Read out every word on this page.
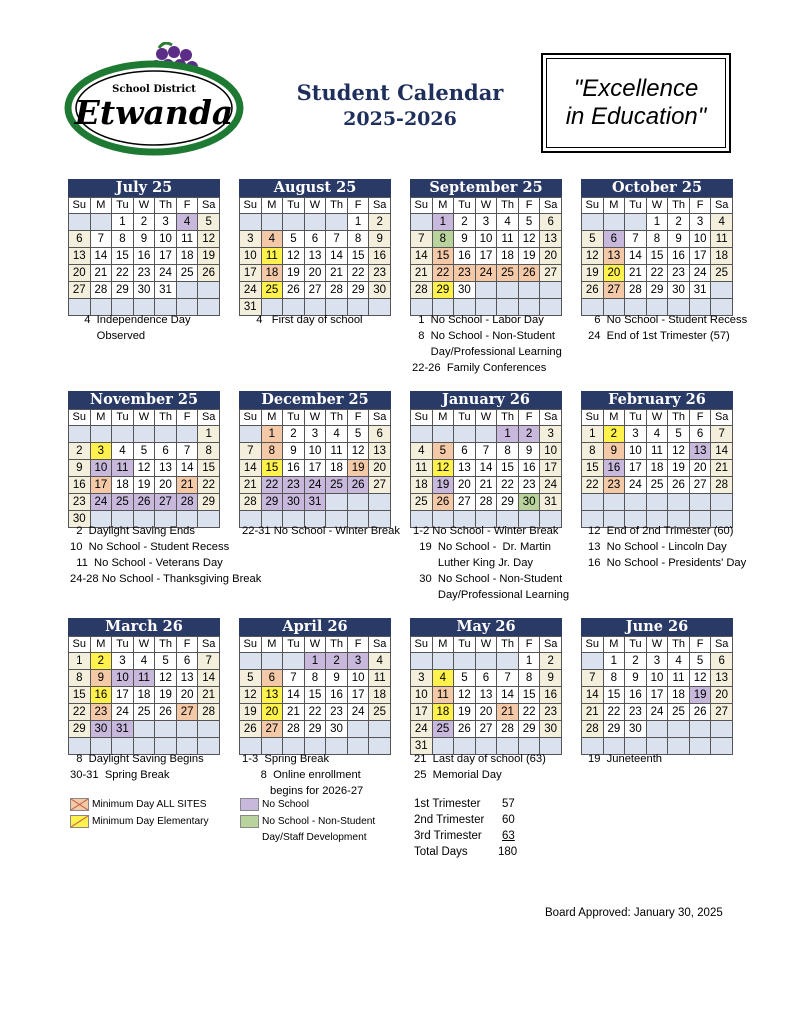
School District
Etwanda
Student Calendar
2025-2026
"Excellence
in Education"
July 25
Su	M	Tu	W	Th	F	Sa
		1	2	3	4	5
6	7	8	9	10	11	12
13	14	15	16	17	18	19
20	21	22	23	24	25	26
27	28	29	30	31		

August 25
Su	M	Tu	W	Th	F	Sa
					1	2
3	4	5	6	7	8	9
10	11	12	13	14	15	16
17	18	19	20	21	22	23
24	25	26	27	28	29	30
31						
September 25
Su	M	Tu	W	Th	F	Sa
	1	2	3	4	5	6
7	8	9	10	11	12	13
14	15	16	17	18	19	20
21	22	23	24	25	26	27
28	29	30				

October 25
Su	M	Tu	W	Th	F	Sa
			1	2	3	4
5	6	7	8	9	10	11
12	13	14	15	16	17	18
19	20	21	22	23	24	25
26	27	28	29	30	31	

November 25
Su	M	Tu	W	Th	F	Sa
						1
2	3	4	5	6	7	8
9	10	11	12	13	14	15
16	17	18	19	20	21	22
23	24	25	26	27	28	29
30						
December 25
Su	M	Tu	W	Th	F	Sa
	1	2	3	4	5	6
7	8	9	10	11	12	13
14	15	16	17	18	19	20
21	22	23	24	25	26	27
28	29	30	31			

January 26
Su	M	Tu	W	Th	F	Sa
				1	2	3
4	5	6	7	8	9	10
11	12	13	14	15	16	17
18	19	20	21	22	23	24
25	26	27	28	29	30	31

February 26
Su	M	Tu	W	Th	F	Sa
1	2	3	4	5	6	7
8	9	10	11	12	13	14
15	16	17	18	19	20	21
22	23	24	25	26	27	28

March 26
Su	M	Tu	W	Th	F	Sa
1	2	3	4	5	6	7
8	9	10	11	12	13	14
15	16	17	18	19	20	21
22	23	24	25	26	27	28
29	30	31				

April 26
Su	M	Tu	W	Th	F	Sa
			1	2	3	4
5	6	7	8	9	10	11
12	13	14	15	16	17	18
19	20	21	22	23	24	25
26	27	28	29	30		

May 26
Su	M	Tu	W	Th	F	Sa
					1	2
3	4	5	6	7	8	9
10	11	12	13	14	15	16
17	18	19	20	21	22	23
24	25	26	27	28	29	30
31						
June 26
Su	M	Tu	W	Th	F	Sa
	1	2	3	4	5	6
7	8	9	10	11	12	13
14	15	16	17	18	19	20
21	22	23	24	25	26	27
28	29	30				

4  Independence Day
Observed
4   First day of school	1  No School - Labor Day
8  No School - Non-Student
Day/Professional Learning
22-26  Family Conferences
6  No School - Student Recess
24  End of 1st Trimester (57)
2  Daylight Saving Ends
10  No School - Student Recess
11  No School - Veterans Day
24-28 No School - Thanksgiving Break
22-31 No School - Winter Break 1-2 No School - Winter Break
19  No School -  Dr. Martin
Luther King Jr. Day
30  No School - Non-Student
Day/Professional Learning
12  End of 2nd Trimester (60)
13  No School - Lincoln Day
16  No School - Presidents' Day
8  Daylight Saving Begins
30-31  Spring Break
1-3  Spring Break
8  Online enrollment
begins for 2026-27
21  Last day of school (63)
25  Memorial Day
19  Juneteenth
Minimum Day ALL SITES
Minimum Day Elementary
No School
No School - Non-Student
Day/Staff Development
1st Trimester 57
2nd Trimester 60
3rd Trimester 63
Total Days	180
Board Approved: January 30, 2025
